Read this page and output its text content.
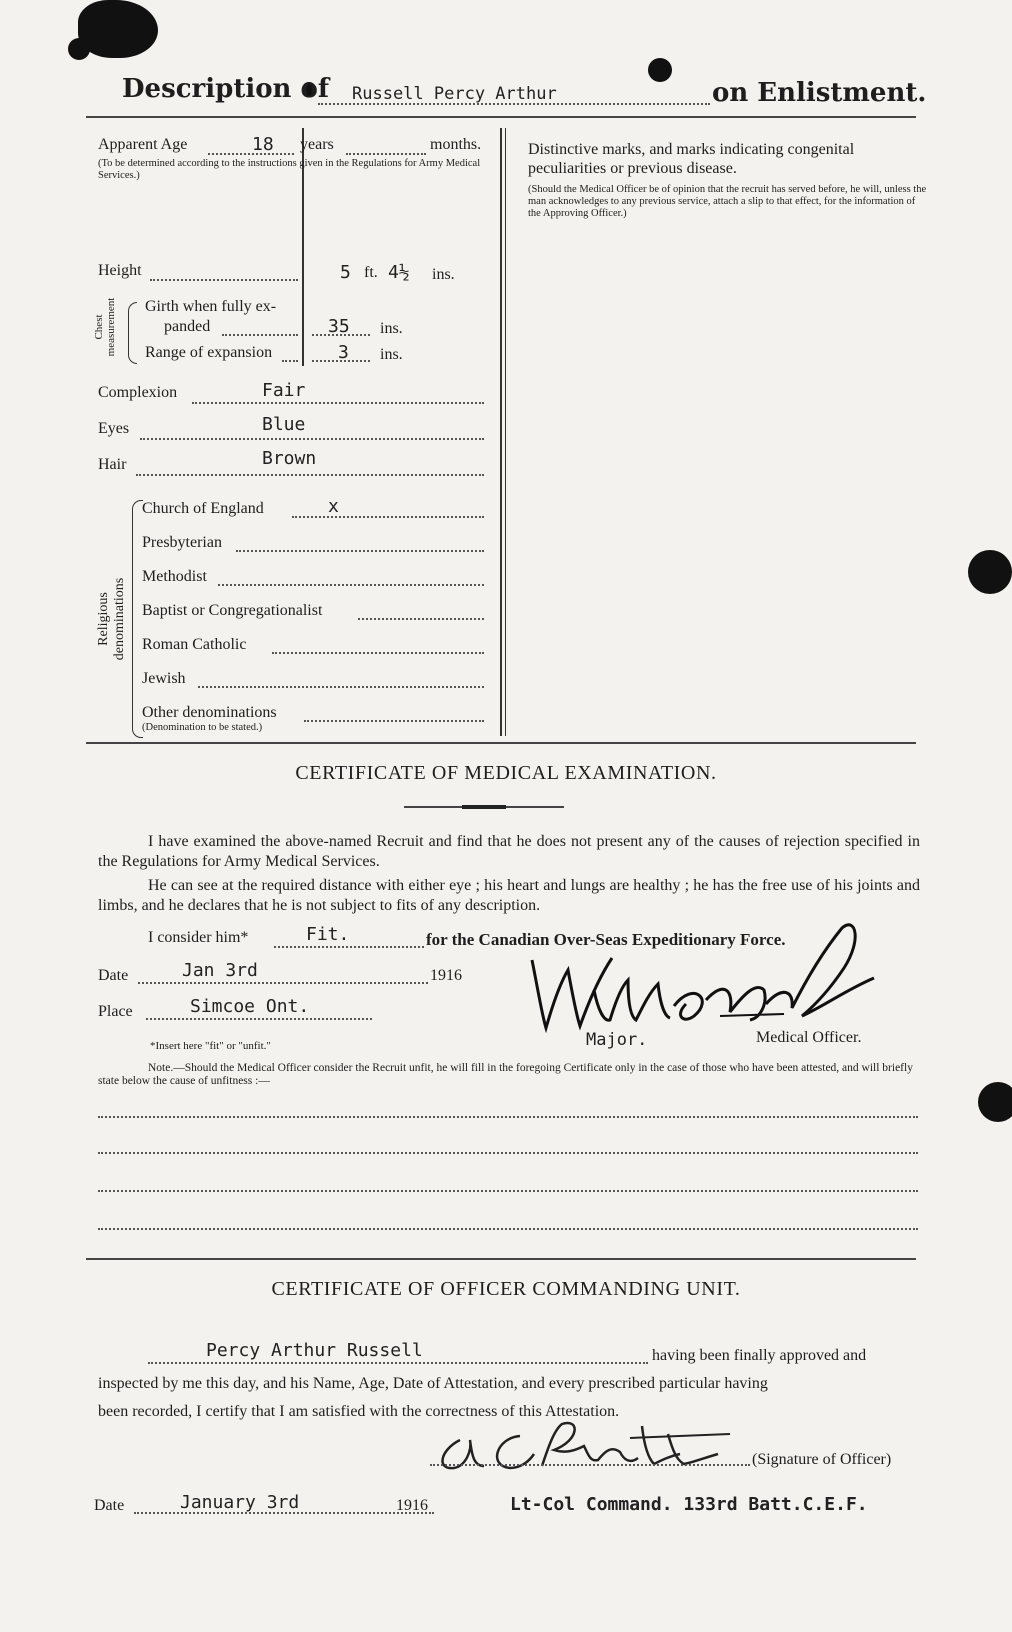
Description of Russell Percy Arthur	on Enlistment.
Apparent Age	18 years	months.
(To be determined according to the instructions given in the Regulations for Army Medical Services.)
Height	5 ft. 4½ ins.
Chest measurement Girth when fully ex-
panded	35 ins.
Range of expansion	3 ins.
Complexion	Fair
Eyes	Blue
Hair	Brown
Religious denominations
Church of England	x
Presbyterian
Methodist
Baptist or Congregationalist
Roman Catholic
Jewish
Other denominations
(Denomination to be stated.)
Distinctive marks, and marks indicating congenital peculiarities or previous disease.
(Should the Medical Officer be of opinion that the recruit has served before, he will, unless the man acknowledges to any previous service, attach a slip to that effect, for the information of the Approving Officer.)
CERTIFICATE OF MEDICAL EXAMINATION.
I have examined the above-named Recruit and find that he does not present any of the causes of rejection specified in the Regulations for Army Medical Services.
He can see at the required distance with either eye ; his heart and lungs are healthy ; he has the free use of his joints and limbs, and he declares that he is not subject to fits of any description.
I consider him*	Fit.	for the Canadian Over-Seas Expeditionary Force.
Date	Jan 3rd	1916
Place	Simcoe Ont.
*Insert here "fit" or "unfit."	Major.	Medical Officer.
Note.—Should the Medical Officer consider the Recruit unfit, he will fill in the foregoing Certificate only in the case of those who have been attested, and will briefly state below the cause of unfitness :—
CERTIFICATE OF OFFICER COMMANDING UNIT.
Percy Arthur Russell	having been finally approved and
inspected by me this day, and his Name, Age, Date of Attestation, and every prescribed particular having
been recorded, I certify that I am satisfied with the correctness of this Attestation.
(Signature of Officer)
Date	January 3rd	1916	Lt-Col Command. 133rd Batt.C.E.F.
